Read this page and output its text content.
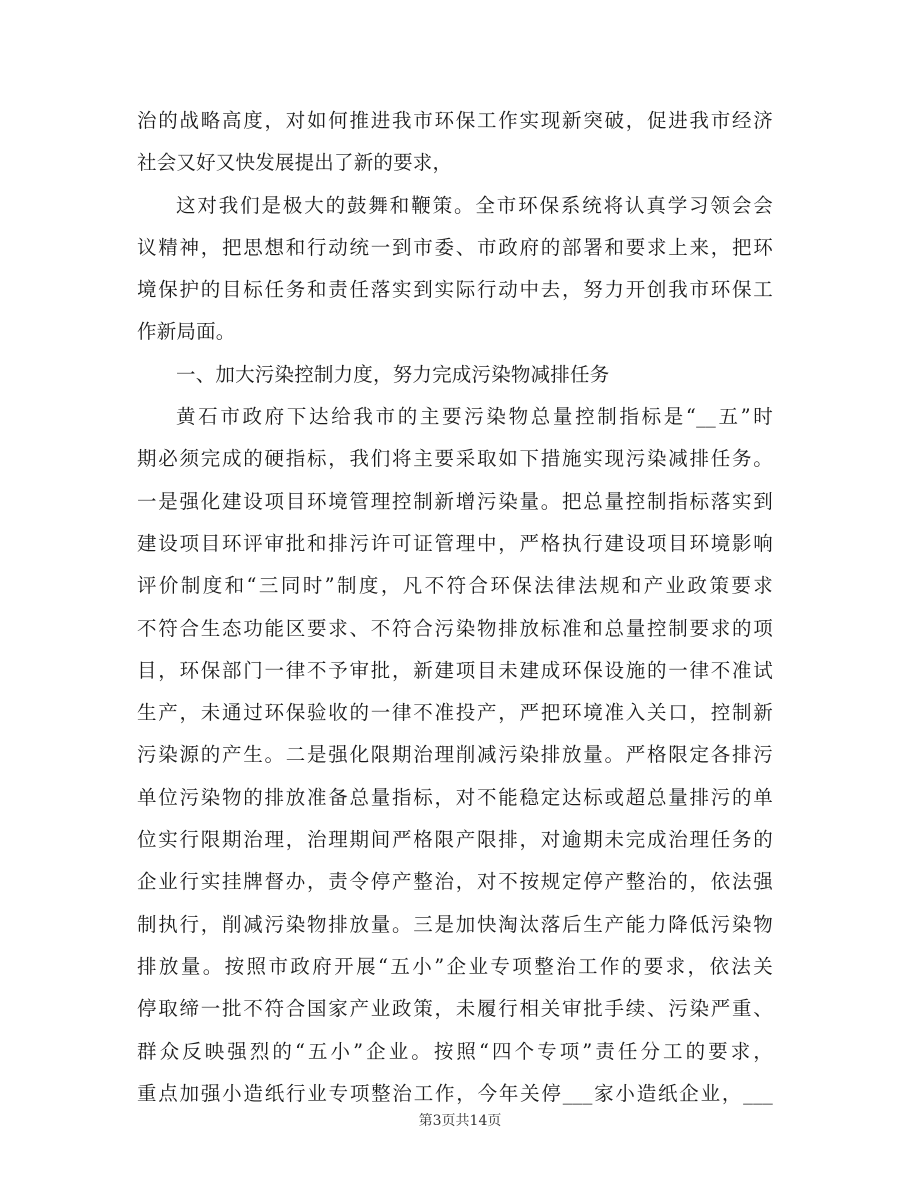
治的战略高度，对如何推进我市环保工作实现新突破，促进我市经济
社会又好又快发展提出了新的要求，
这对我们是极大的鼓舞和鞭策。全市环保系统将认真学习领会会
议精神，把思想和行动统一到市委、市政府的部署和要求上来，把环
境保护的目标任务和责任落实到实际行动中去，努力开创我市环保工
作新局面。
一、加大污染控制力度，努力完成污染物减排任务
黄石市政府下达给我市的主要污染物总量控制指标是“__五”时
期必须完成的硬指标，我们将主要采取如下措施实现污染减排任务。
一是强化建设项目环境管理控制新增污染量。把总量控制指标落实到
建设项目环评审批和排污许可证管理中，严格执行建设项目环境影响
评价制度和“三同时”制度，凡不符合环保法律法规和产业政策要求
不符合生态功能区要求、不符合污染物排放标准和总量控制要求的项
目，环保部门一律不予审批，新建项目未建成环保设施的一律不准试
生产，未通过环保验收的一律不准投产，严把环境准入关口，控制新
污染源的产生。二是强化限期治理削减污染排放量。严格限定各排污
单位污染物的排放准备总量指标，对不能稳定达标或超总量排污的单
位实行限期治理，治理期间严格限产限排，对逾期未完成治理任务的
企业行实挂牌督办，责令停产整治，对不按规定停产整治的，依法强
制执行，削减污染物排放量。三是加快淘汰落后生产能力降低污染物
排放量。按照市政府开展“五小”企业专项整治工作的要求，依法关
停取缔一批不符合国家产业政策，未履行相关审批手续、污染严重、
群众反映强烈的“五小”企业。按照“四个专项”责任分工的要求，
重点加强小造纸行业专项整治工作，今年关停___家小造纸企业，___
第3页共14页
